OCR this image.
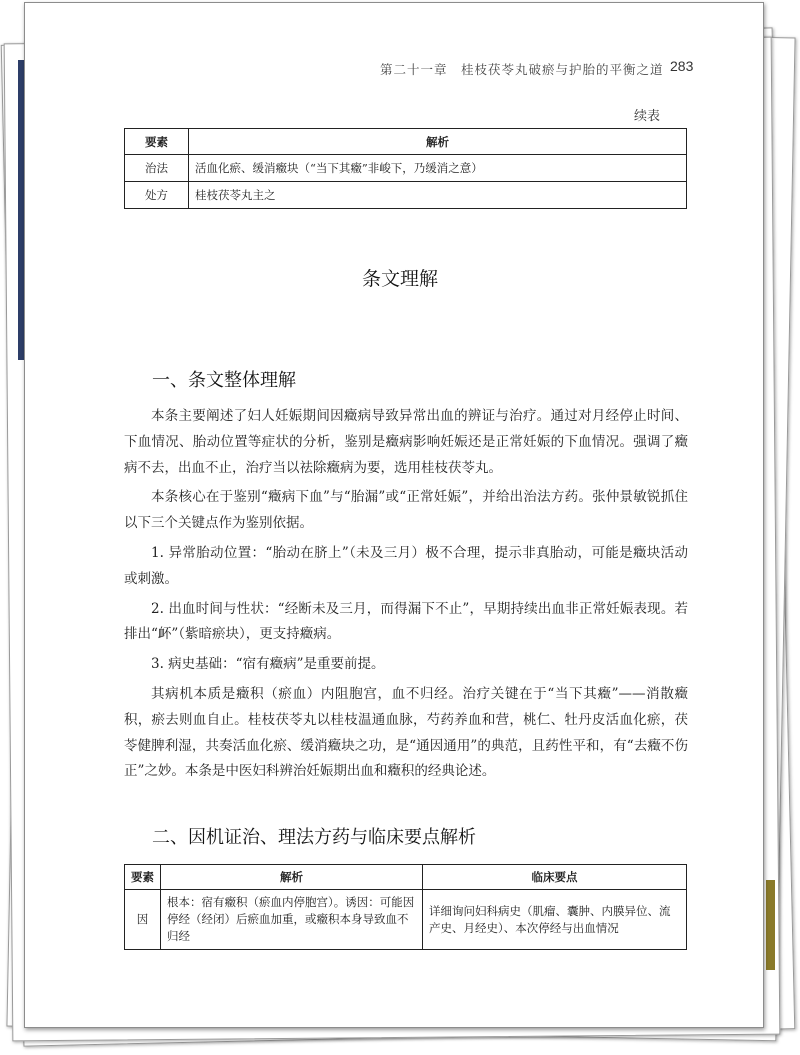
第二十一章　桂枝茯苓丸破瘀与护胎的平衡之道 283
续表
要素	解析
治法	活血化瘀、缓消癥块（“当下其癥”非峻下，乃缓消之意）
处方	桂枝茯苓丸主之
条文理解
一、条文整体理解

本条主要阐述了妇人妊娠期间因癥病导致异常出血的辨证与治疗。通过对月经停止时间、下血情况、胎动位置等症状的分析，鉴别是癥病影响妊娠还是正常妊娠的下血情况。强调了癥病不去，出血不止，治疗当以祛除癥病为要，选用桂枝茯苓丸。

本条核心在于鉴别“癥病下血”与“胎漏”或“正常妊娠”，并给出治法方药。张仲景敏锐抓住以下三个关键点作为鉴别依据。

1. 异常胎动位置：“胎动在脐上”（未及三月）极不合理，提示非真胎动，可能是癥块活动或刺激。

2. 出血时间与性状：“经断未及三月，而得漏下不止”，早期持续出血非正常妊娠表现。若排出“衃”（紫暗瘀块），更支持癥病。

3. 病史基础：“宿有癥病”是重要前提。

其病机本质是癥积（瘀血）内阻胞宫，血不归经。治疗关键在于“当下其癥”——消散癥积，瘀去则血自止。桂枝茯苓丸以桂枝温通血脉，芍药养血和营，桃仁、牡丹皮活血化瘀，茯苓健脾利湿，共奏活血化瘀、缓消癥块之功，是“通因通用”的典范，且药性平和，有“去癥不伤正”之妙。本条是中医妇科辨治妊娠期出血和癥积的经典论述。

二、因机证治、理法方药与临床要点解析
要素	解析	临床要点
因	根本：宿有癥积（瘀血内停胞宫）。诱因：可能因停经（经闭）后瘀血加重，或癥积本身导致血不归经	详细询问妇科病史（肌瘤、囊肿、内膜异位、流产史、月经史）、本次停经与出血情况
